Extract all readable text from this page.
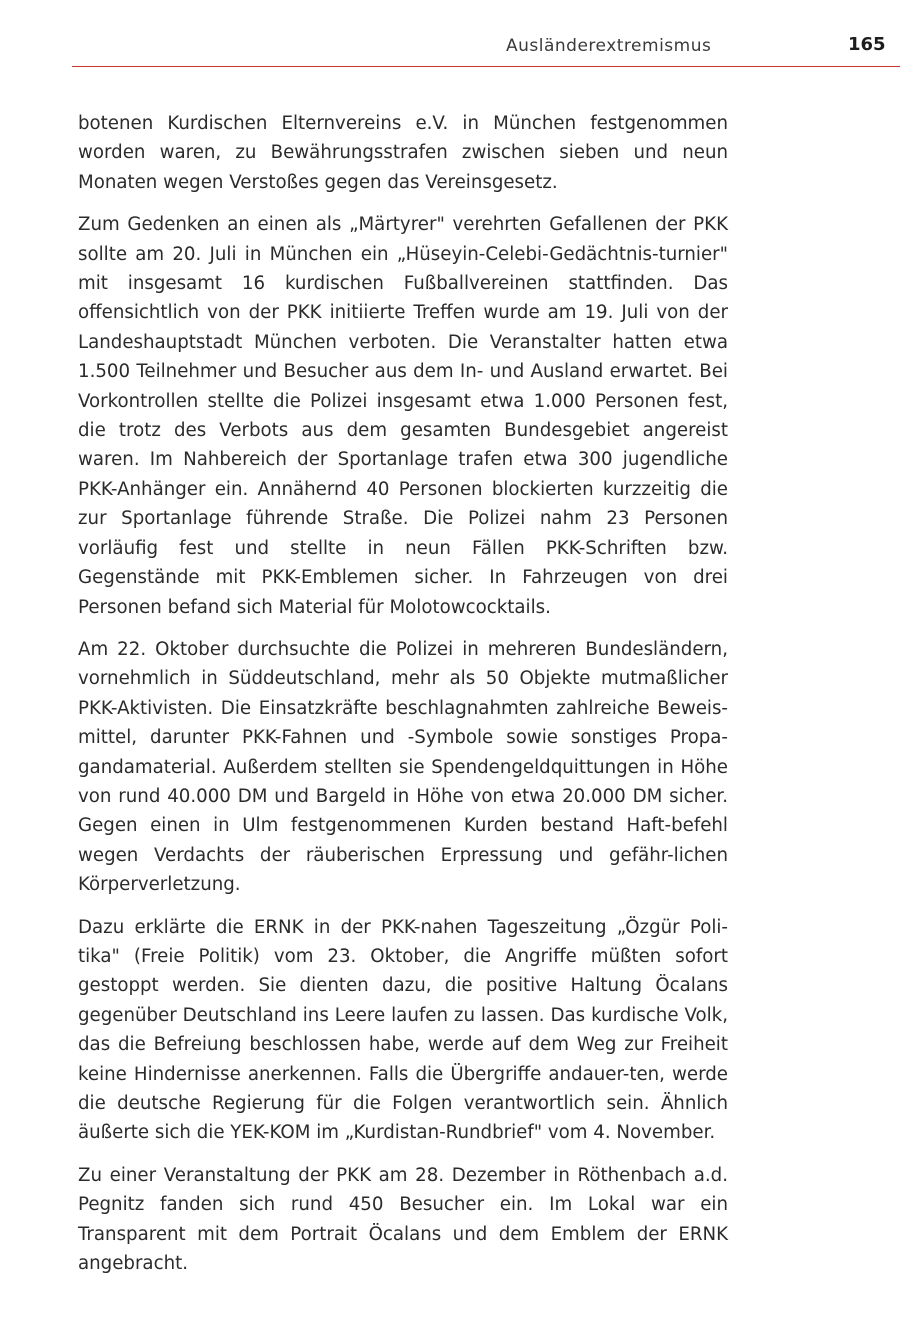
Ausländerextremismus	165

botenen Kurdischen Elternvereins e.V. in München festgenommen worden waren, zu Bewährungsstrafen zwischen sieben und neun Monaten wegen Verstoßes gegen das Vereinsgesetz.

Zum Gedenken an einen als „Märtyrer" verehrten Gefallenen der PKK sollte am 20. Juli in München ein „Hüseyin-Celebi-Gedächtnis-turnier" mit insgesamt 16 kurdischen Fußballvereinen stattfinden. Das offensichtlich von der PKK initiierte Treffen wurde am 19. Juli von der Landeshauptstadt München verboten. Die Veranstalter hatten etwa 1.500 Teilnehmer und Besucher aus dem In- und Ausland erwartet. Bei Vorkontrollen stellte die Polizei insgesamt etwa 1.000 Personen fest, die trotz des Verbots aus dem gesamten Bundesgebiet angereist waren. Im Nahbereich der Sportanlage trafen etwa 300 jugendliche PKK-Anhänger ein. Annähernd 40 Personen blockierten kurzzeitig die zur Sportanlage führende Straße. Die Polizei nahm 23 Personen vorläufig fest und stellte in neun Fällen PKK-Schriften bzw. Gegenstände mit PKK-Emblemen sicher. In Fahrzeugen von drei Personen befand sich Material für Molotowcocktails.

Am 22. Oktober durchsuchte die Polizei in mehreren Bundesländern, vornehmlich in Süddeutschland, mehr als 50 Objekte mutmaßlicher PKK-Aktivisten. Die Einsatzkräfte beschlagnahmten zahlreiche Beweis-mittel, darunter PKK-Fahnen und -Symbole sowie sonstiges Propa-gandamaterial. Außerdem stellten sie Spendengeldquittungen in Höhe von rund 40.000 DM und Bargeld in Höhe von etwa 20.000 DM sicher. Gegen einen in Ulm festgenommenen Kurden bestand Haft-befehl wegen Verdachts der räuberischen Erpressung und gefähr-lichen Körperverletzung.

Dazu erklärte die ERNK in der PKK-nahen Tageszeitung „Özgür Poli-tika" (Freie Politik) vom 23. Oktober, die Angriffe müßten sofort gestoppt werden. Sie dienten dazu, die positive Haltung Öcalans gegenüber Deutschland ins Leere laufen zu lassen. Das kurdische Volk, das die Befreiung beschlossen habe, werde auf dem Weg zur Freiheit keine Hindernisse anerkennen. Falls die Übergriffe andauer-ten, werde die deutsche Regierung für die Folgen verantwortlich sein. Ähnlich äußerte sich die YEK-KOM im „Kurdistan-Rundbrief" vom 4. November.

Zu einer Veranstaltung der PKK am 28. Dezember in Röthenbach a.d. Pegnitz fanden sich rund 450 Besucher ein. Im Lokal war ein Transparent mit dem Portrait Öcalans und dem Emblem der ERNK angebracht.
